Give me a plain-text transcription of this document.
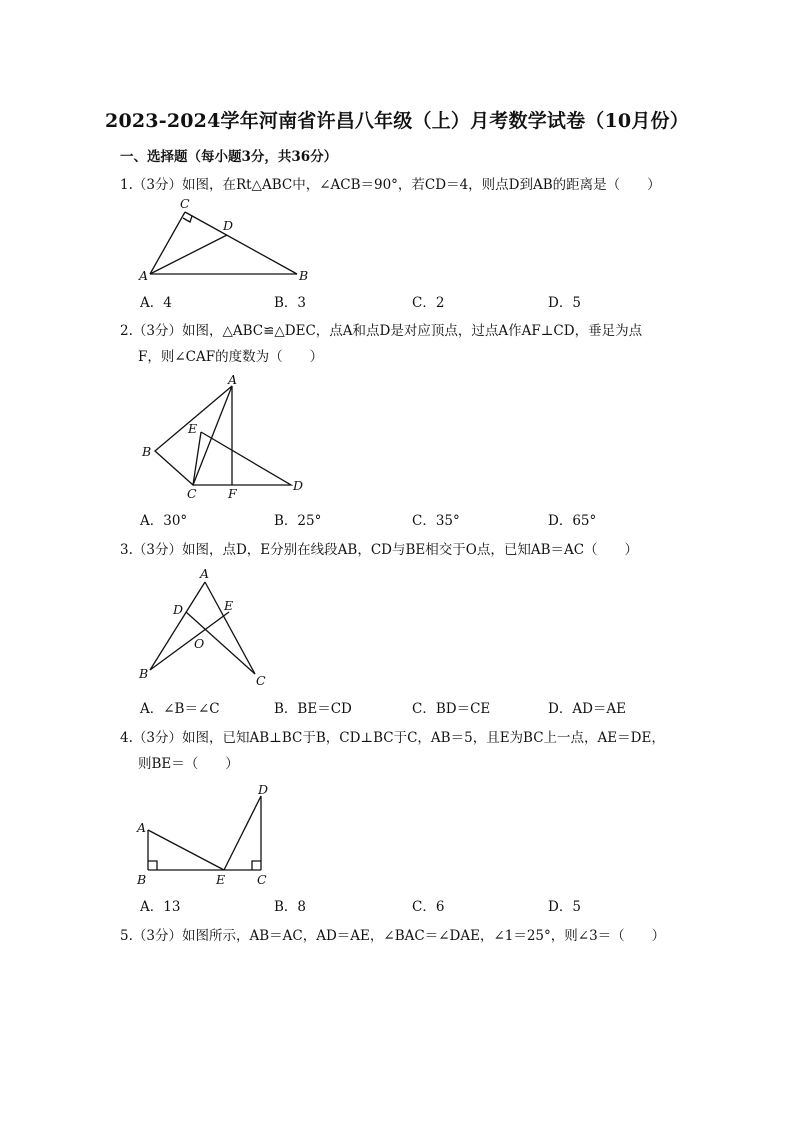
2023-2024学年河南省许昌八年级（上）月考数学试卷（10月份）
一、选择题（每小题3分，共36分）
1.（3分）如图，在Rt△ABC中，∠ACB＝90°，若CD＝4，则点D到AB的距离是（　　）
C
D
A	B
A．4	B．3	C．2	D．5
2.（3分）如图，△ABC≌△DEC，点A和点D是对应顶点，过点A作AF⊥CD，垂足为点
F，则∠CAF的度数为（　　）
A
B
E
C	F
D
A．30°	B．25°	C．35°	D．65°
3.（3分）如图，点D，E分别在线段AB，CD与BE相交于O点，已知AB＝AC（　　）
A
D	E
O
B	C
A．∠B＝∠C	B．BE＝CD	C．BD＝CE	D．AD＝AE
4.（3分）如图，已知AB⊥BC于B，CD⊥BC于C，AB＝5，且E为BC上一点，AE＝DE，
则BE＝（　　）
D
A
B	E	C
A．13	B．8	C．6	D．5
5.（3分）如图所示，AB＝AC，AD＝AE，∠BAC＝∠DAE，∠1＝25°，则∠3＝（　　）
